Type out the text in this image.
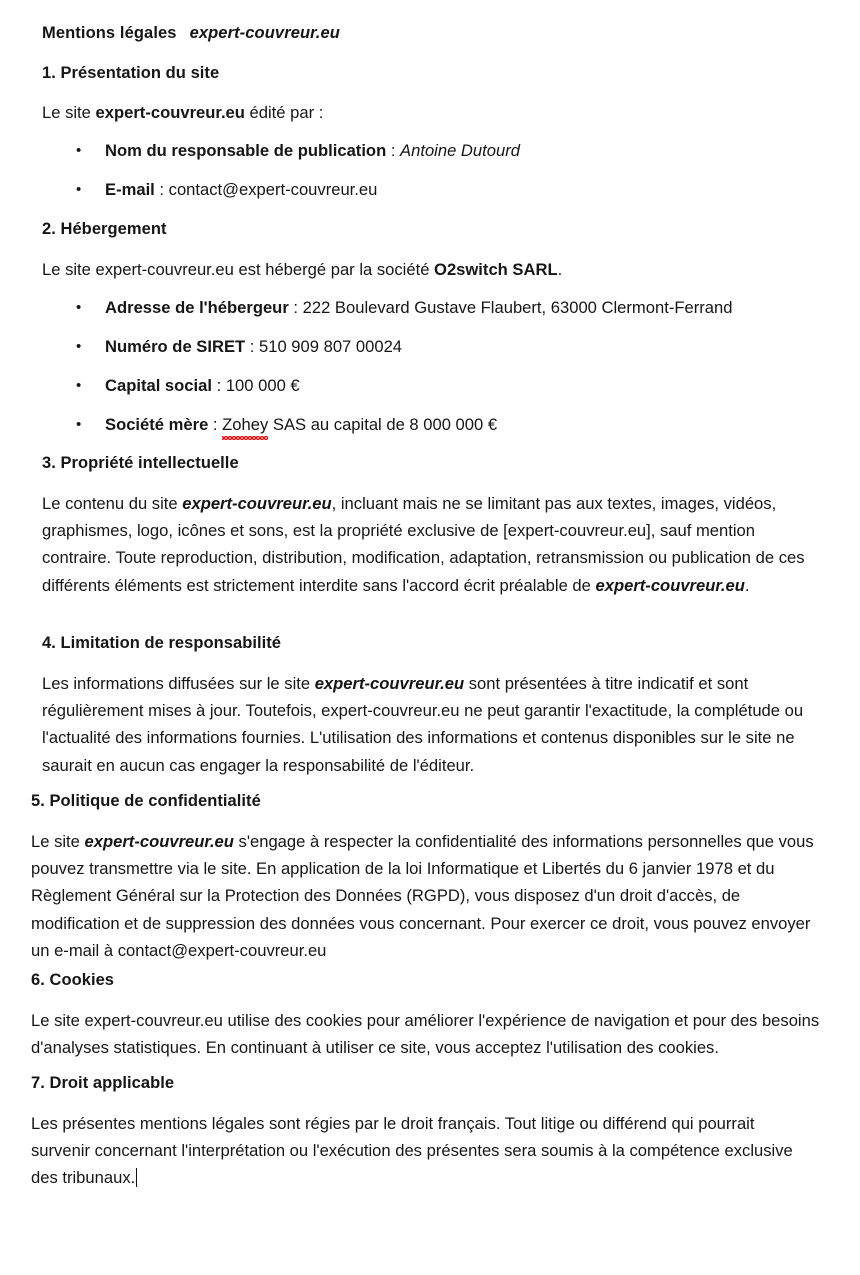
Mentions légales expert-couvreur.eu
1. Présentation du site
Le site expert-couvreur.eu édité par :
•	Nom du responsable de publication : Antoine Dutourd
•	E-mail : contact@expert-couvreur.eu
2. Hébergement
Le site expert-couvreur.eu est hébergé par la société O2switch SARL.
•	Adresse de l'hébergeur : 222 Boulevard Gustave Flaubert, 63000 Clermont-Ferrand
•	Numéro de SIRET : 510 909 807 00024
•	Capital social : 100 000 €
•	Société mère : Zohey SAS au capital de 8 000 000 €
3. Propriété intellectuelle
Le contenu du site expert-couvreur.eu, incluant mais ne se limitant pas aux textes, images, vidéos, graphismes, logo, icônes et sons, est la propriété exclusive de [expert-couvreur.eu], sauf mention contraire. Toute reproduction, distribution, modification, adaptation, retransmission ou publication de ces différents éléments est strictement interdite sans l'accord écrit préalable de expert-couvreur.eu.
4. Limitation de responsabilité
Les informations diffusées sur le site expert-couvreur.eu sont présentées à titre indicatif et sont régulièrement mises à jour. Toutefois, expert-couvreur.eu ne peut garantir l'exactitude, la complétude ou l'actualité des informations fournies. L'utilisation des informations et contenus disponibles sur le site ne saurait en aucun cas engager la responsabilité de l'éditeur.
5. Politique de confidentialité
Le site expert-couvreur.eu s'engage à respecter la confidentialité des informations personnelles que vous pouvez transmettre via le site. En application de la loi Informatique et Libertés du 6 janvier 1978 et du Règlement Général sur la Protection des Données (RGPD), vous disposez d'un droit d'accès, de modification et de suppression des données vous concernant. Pour exercer ce droit, vous pouvez envoyer un e-mail à contact@expert-couvreur.eu
6. Cookies
Le site expert-couvreur.eu utilise des cookies pour améliorer l'expérience de navigation et pour des besoins d'analyses statistiques. En continuant à utiliser ce site, vous acceptez l'utilisation des cookies.
7. Droit applicable
Les présentes mentions légales sont régies par le droit français. Tout litige ou différend qui pourrait survenir concernant l'interprétation ou l'exécution des présentes sera soumis à la compétence exclusive des tribunaux.
